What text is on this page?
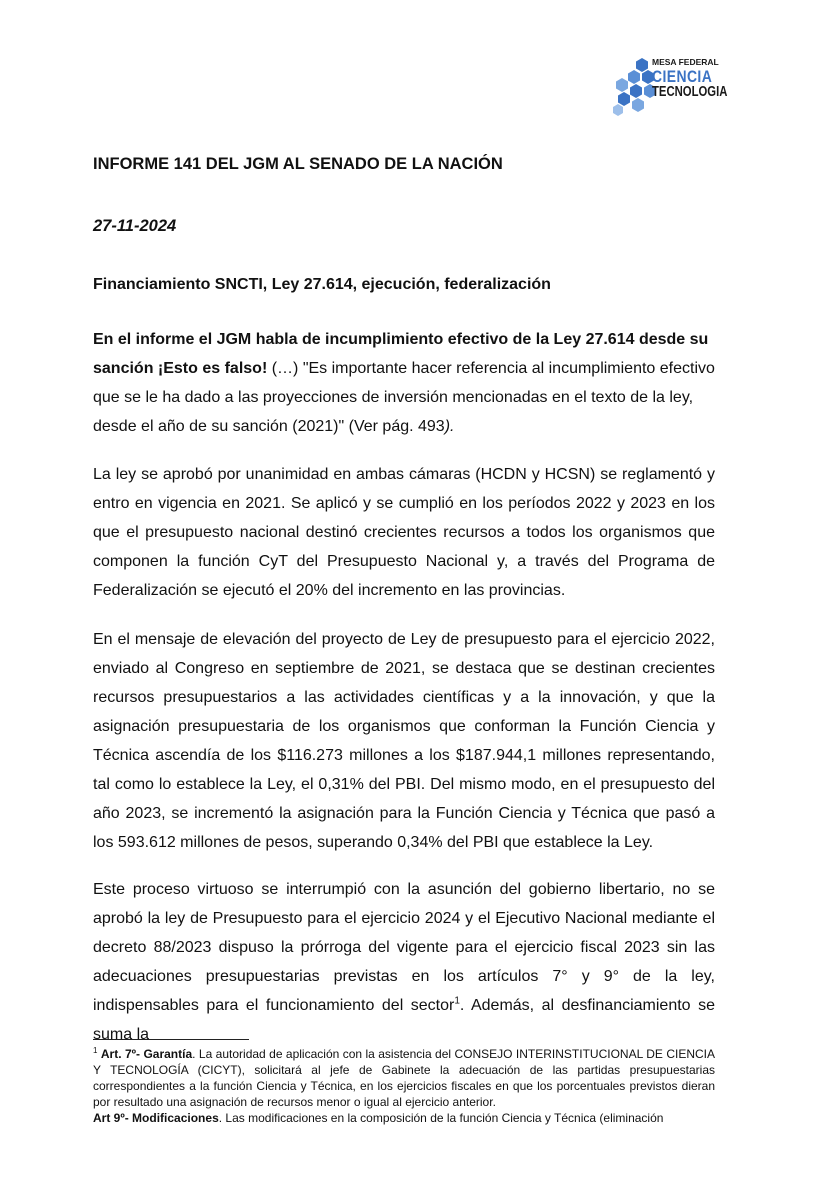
MESA FEDERAL
CIENCIA
TECNOLOGIA
INFORME 141 DEL JGM AL SENADO DE LA NACIÓN
27-11-2024
Financiamiento SNCTI, Ley 27.614, ejecución, federalización
En el informe el JGM habla de incumplimiento efectivo de la Ley 27.614 desde su sanción ¡Esto es falso! (…) "Es importante hacer referencia al incumplimiento efectivo que se le ha dado a las proyecciones de inversión mencionadas en el texto de la ley, desde el año de su sanción (2021)" (Ver pág. 493).
La ley se aprobó por unanimidad en ambas cámaras (HCDN y HCSN) se reglamentó y entro en vigencia en 2021. Se aplicó y se cumplió en los períodos 2022 y 2023 en los que el presupuesto nacional destinó crecientes recursos a todos los organismos que componen la función CyT del Presupuesto Nacional y, a través del Programa de Federalización se ejecutó el 20% del incremento en las provincias.
En el mensaje de elevación del proyecto de Ley de presupuesto para el ejercicio 2022, enviado al Congreso en septiembre de 2021, se destaca que se destinan crecientes recursos presupuestarios a las actividades científicas y a la innovación, y que la asignación presupuestaria de los organismos que conforman la Función Ciencia y Técnica ascendía de los $116.273 millones a los $187.944,1 millones representando, tal como lo establece la Ley, el 0,31% del PBI. Del mismo modo, en el presupuesto del año 2023, se incrementó la asignación para la Función Ciencia y Técnica que pasó a los 593.612 millones de pesos, superando 0,34% del PBI que establece la Ley.
Este proceso virtuoso se interrumpió con la asunción del gobierno libertario, no se aprobó la ley de Presupuesto para el ejercicio 2024 y el Ejecutivo Nacional mediante el decreto 88/2023 dispuso la prórroga del vigente para el ejercicio fiscal 2023 sin las adecuaciones presupuestarias previstas en los artículos 7° y 9° de la ley, indispensables para el funcionamiento del sector$^1$. Además, al desfinanciamiento se suma la
$^1$ Art. 7º- Garantía. La autoridad de aplicación con la asistencia del CONSEJO INTERINSTITUCIONAL DE CIENCIA Y TECNOLOGÍA (CICYT), solicitará al jefe de Gabinete la adecuación de las partidas presupuestarias correspondientes a la función Ciencia y Técnica, en los ejercicios fiscales en que los porcentuales previstos dieran por resultado una asignación de recursos menor o igual al ejercicio anterior.
Art 9º- Modificaciones. Las modificaciones en la composición de la función Ciencia y Técnica (eliminación
